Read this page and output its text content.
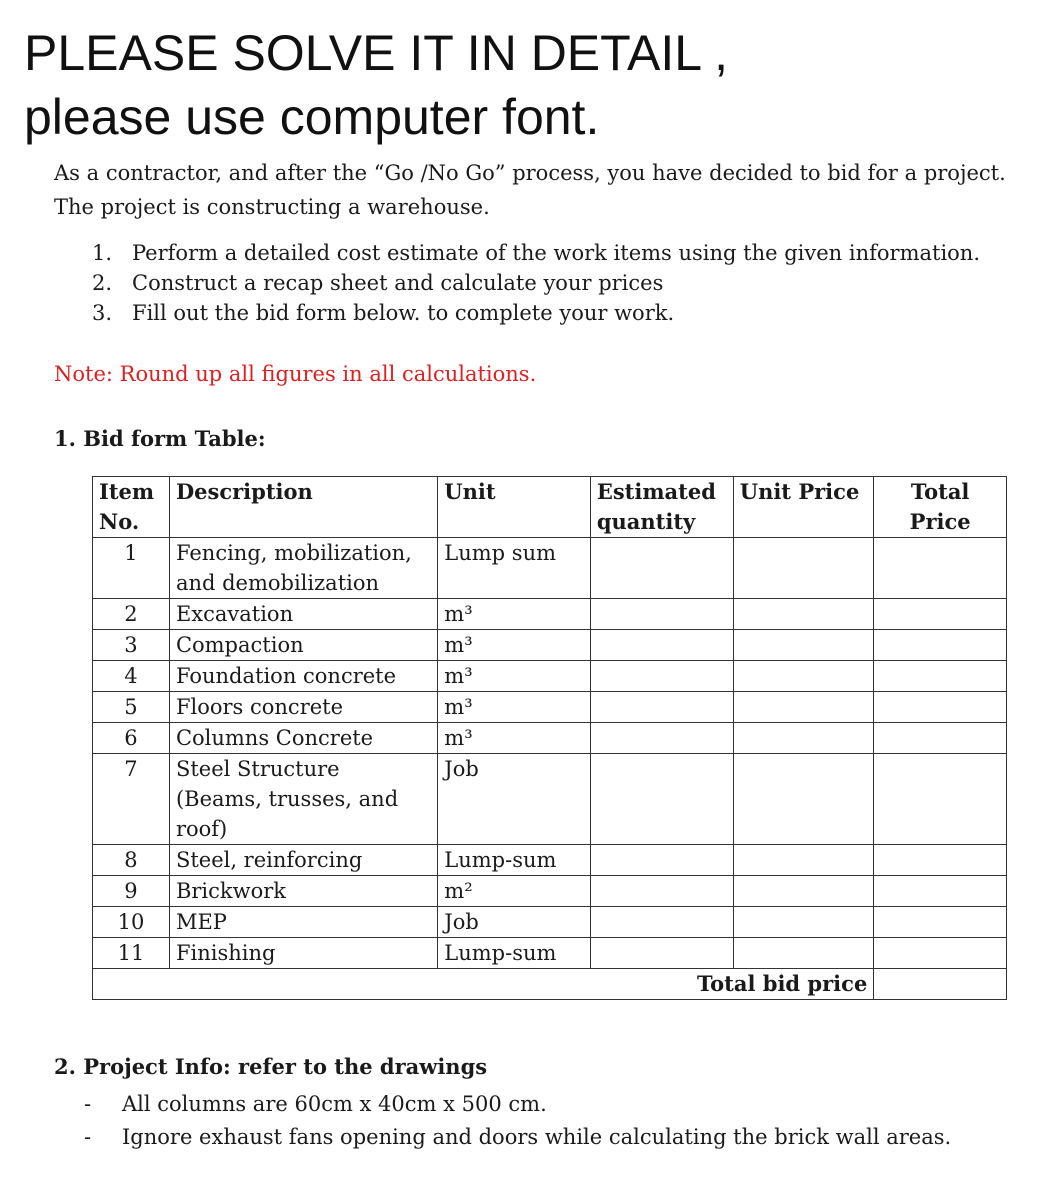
PLEASE SOLVE IT IN DETAIL ,
please use computer font.
As a contractor, and after the “Go /No Go” process, you have decided to bid for a project.
The project is constructing a warehouse.
1. Perform a detailed cost estimate of the work items using the given information.
2. Construct a recap sheet and calculate your prices
3. Fill out the bid form below. to complete your work.
Note: Round up all figures in all calculations.
1. Bid form Table:
Item No.	Description	Unit	Estimated quantity	Unit Price	Total Price
1	Fencing, mobilization, and demobilization	Lump sum			
2	Excavation	m³			
3	Compaction	m³			
4	Foundation concrete	m³			
5	Floors concrete	m³			
6	Columns Concrete	m³			
7	Steel Structure (Beams, trusses, and roof)	Job			
8	Steel, reinforcing	Lump-sum			
9	Brickwork	m²			
10	MEP	Job			
11	Finishing	Lump-sum			
Total bid price					
2. Project Info: refer to the drawings
- All columns are 60cm x 40cm x 500 cm.
- Ignore exhaust fans opening and doors while calculating the brick wall areas.
